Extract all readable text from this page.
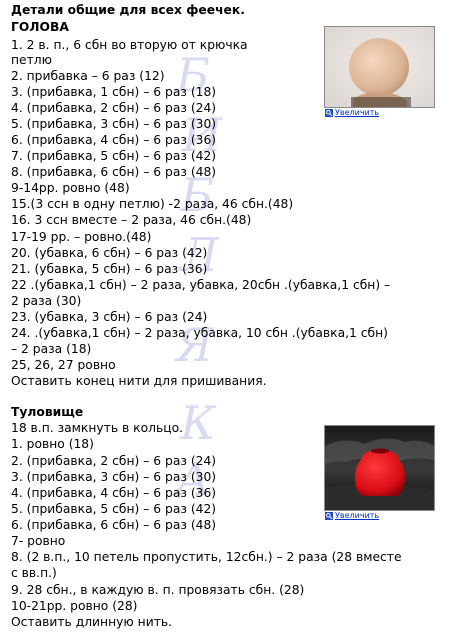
Б
И
Б
Л
Я
К
А
Детали общие для всех феечек.
ГОЛОВА
1. 2 в. п., 6 сбн во вторую от крючка
петлю
2. прибавка – 6 раз (12)
3. (прибавка, 1 сбн) – 6 раз (18)
4. (прибавка, 2 сбн) – 6 раз (24)
5. (прибавка, 3 сбн) – 6 раз (30)
6. (прибавка, 4 сбн) – 6 раз (36)
7. (прибавка, 5 сбн) – 6 раз (42)
8. (прибавка, 6 сбн) – 6 раз (48)
9-14рр. ровно (48)
15.(3 ссн в одну петлю) -2 раза, 46 сбн.(48)
16. 3 ссн вместе – 2 раза, 46 сбн.(48)
17-19 рр. – ровно.(48)
20. (убавка, 6 сбн) – 6 раз (42)
21. (убавка, 5 сбн) – 6 раз (36)
22 .(убавка,1 сбн) – 2 раза, убавка, 20сбн .(убавка,1 сбн) –
2 раза (30)
23. (убавка, 3 сбн) – 6 раз (24)
24. .(убавка,1 сбн) – 2 раза, убавка, 10 сбн .(убавка,1 сбн)
– 2 раза (18)
25, 26, 27 ровно
Оставить конец нити для пришивания.
Туловище
18 в.п. замкнуть в кольцо.
1. ровно (18)
2. (прибавка, 2 сбн) – 6 раз (24)
3. (прибавка, 3 сбн) – 6 раз (30)
4. (прибавка, 4 сбн) – 6 раз (36)
5. (прибавка, 5 сбн) – 6 раз (42)
6. (прибавка, 6 сбн) – 6 раз (48)
7- ровно
8. (2 в.п., 10 петель пропустить, 12сбн.) – 2 раза (28 вместе
с вв.п.)
9. 28 сбн., в каждую в. п. провязать сбн. (28)
10-21рр. ровно (28)
Оставить длинную нить.
Увеличить
Увеличить
